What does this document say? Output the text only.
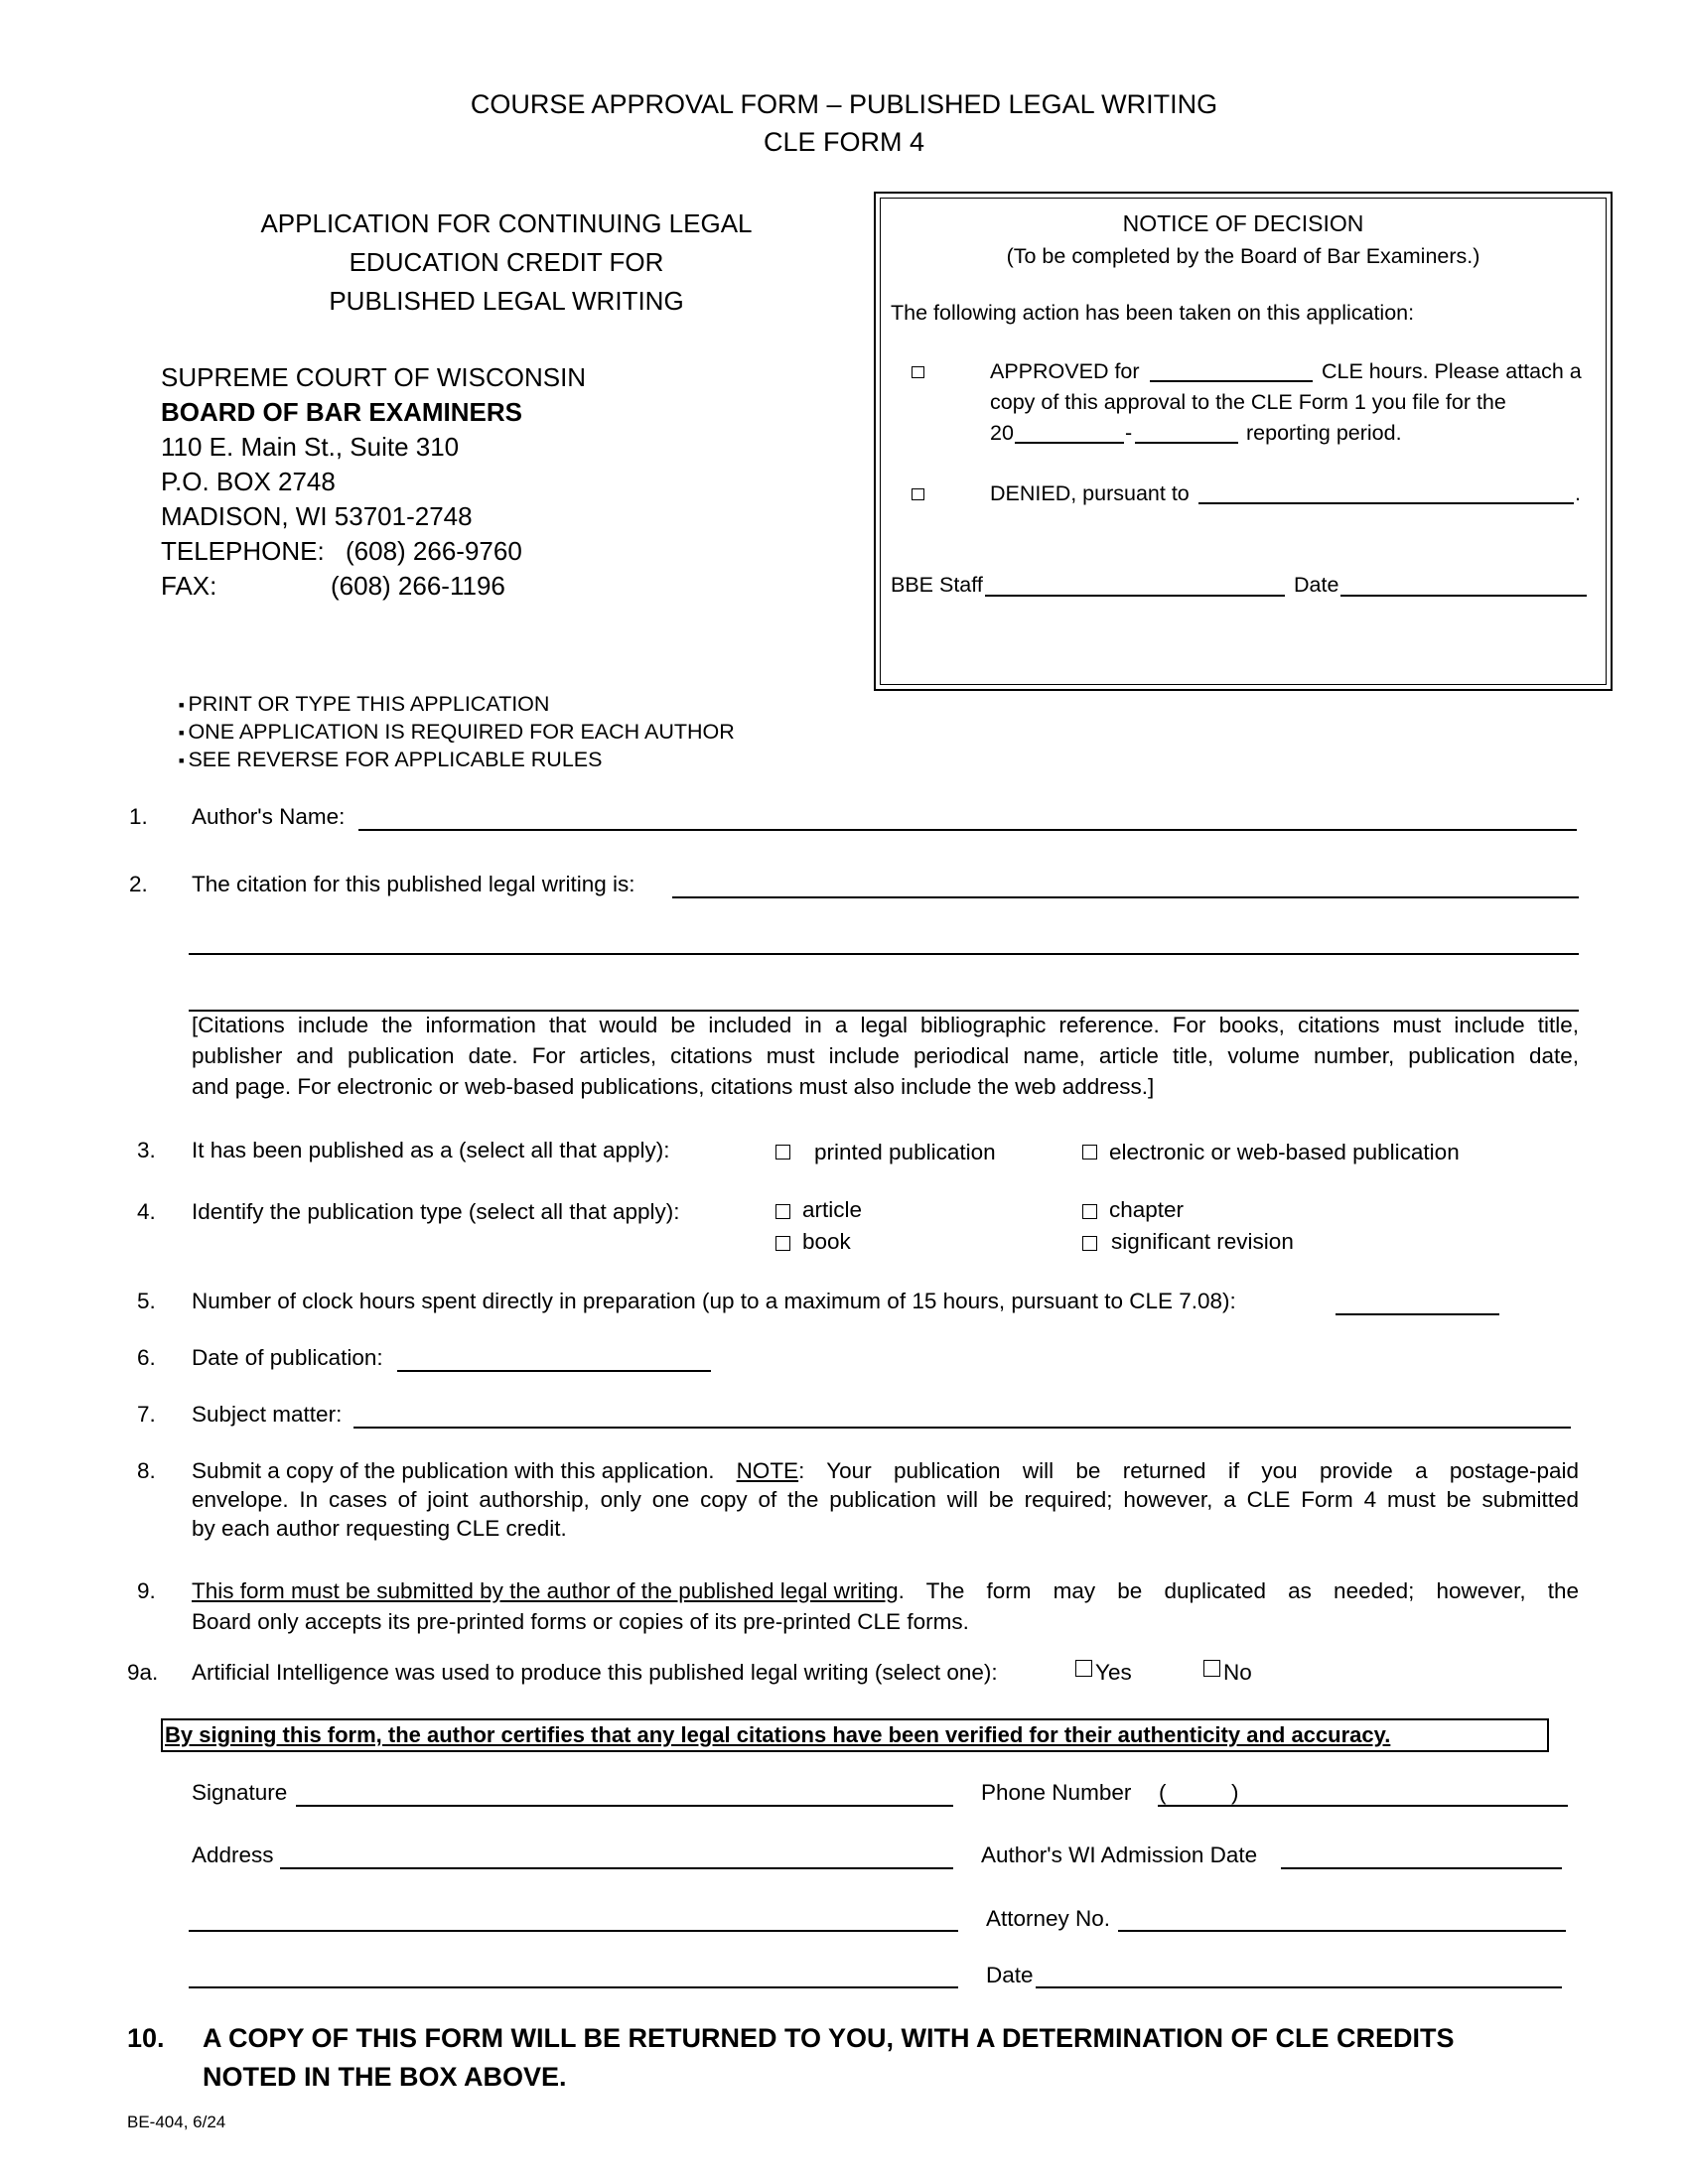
COURSE APPROVAL FORM – PUBLISHED LEGAL WRITING
CLE FORM 4
APPLICATION FOR CONTINUING LEGAL
EDUCATION CREDIT FOR
PUBLISHED LEGAL WRITING
SUPREME COURT OF WISCONSIN
BOARD OF BAR EXAMINERS
110 E. Main St., Suite 310
P.O. BOX 2748
MADISON, WI 53701-2748
TELEPHONE: (608) 266-9760
FAX:	(608) 266-1196
NOTICE OF DECISION
(To be completed by the Board of Bar Examiners.)
The following action has been taken on this application:
APPROVED for	CLE hours. Please attach a
copy of this approval to the CLE Form 1 you file for the
20	-	reporting period.
DENIED, pursuant to	.
BBE Staff	Date
■ PRINT OR TYPE THIS APPLICATION
■ ONE APPLICATION IS REQUIRED FOR EACH AUTHOR
■ SEE REVERSE FOR APPLICABLE RULES
1. Author's Name:
2. The citation for this published legal writing is:
[Citations include the information that would be included in a legal bibliographic reference. For books, citations must include title,
publisher and publication date. For articles, citations must include periodical name, article title, volume number, publication date,
and page. For electronic or web-based publications, citations must also include the web address.]
3. It has been published as a (select all that apply):	printed publication	electronic or web-based publication
4. Identify the publication type (select all that apply):	article	chapter
book	significant revision
5. Number of clock hours spent directly in preparation (up to a maximum of 15 hours, pursuant to CLE 7.08):
6. Date of publication:
7. Subject matter:
8. Submit a copy of the publication with this application. NOTE : Your publication will be returned if you provide a postage-paid
envelope. In cases of joint authorship, only one copy of the publication will be required; however, a CLE Form 4 must be submitted
by each author requesting CLE credit.
9. This form must be submitted by the author of the published legal writing . The form may be duplicated as needed; however, the
Board only accepts its pre-printed forms or copies of its pre-printed CLE forms.
9a. Artificial Intelligence was used to produce this published legal writing (select one):	Yes	No
By signing this form, the author certifies that any legal citations have been verified for their authenticity and accuracy.
Signature	Phone Number (	)
Address	Author's WI Admission Date
Attorney No.
Date
10. A COPY OF THIS FORM WILL BE RETURNED TO YOU, WITH A DETERMINATION OF CLE CREDITS
NOTED IN THE BOX ABOVE.
BE-404, 6/24
